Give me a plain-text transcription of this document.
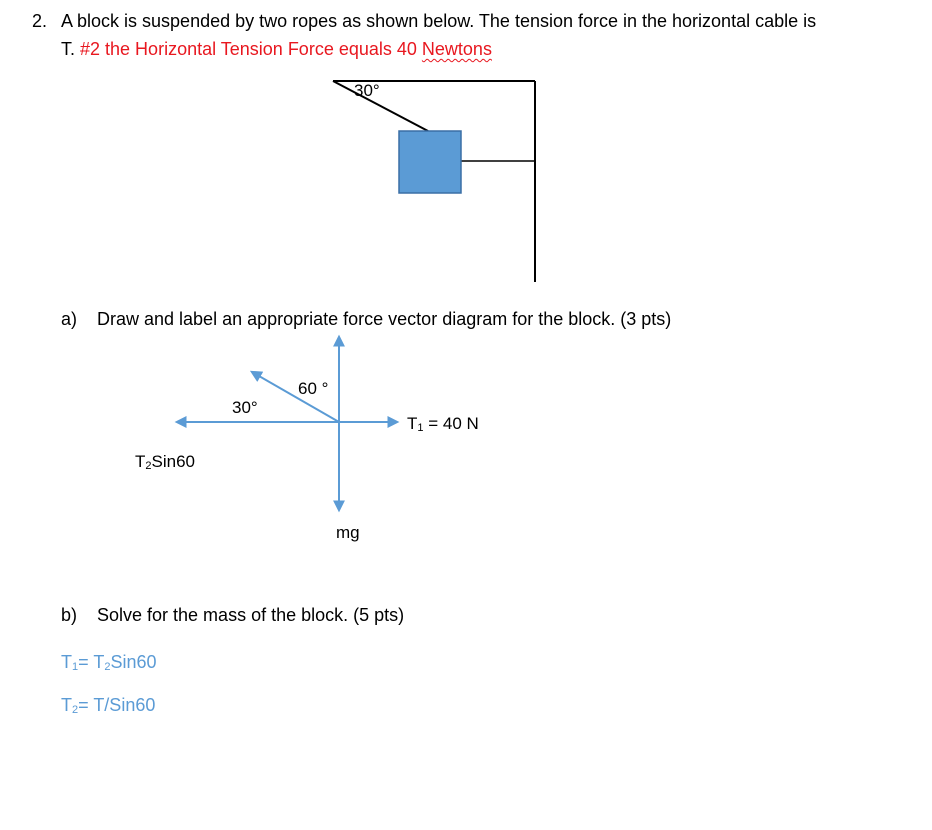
2. A block is suspended by two ropes as shown below. The tension force in the horizontal cable is
T. #2 the Horizontal Tension Force equals 40 Newtons
30°
a) Draw and label an appropriate force vector diagram for the block. (3 pts)
60 °
30°
$T_1 = 40$ N
$T_2Sin60$
mg
b) Solve for the mass of the block. (5 pts)
$T_1= T_2Sin60$
$T_2= T/Sin60$
